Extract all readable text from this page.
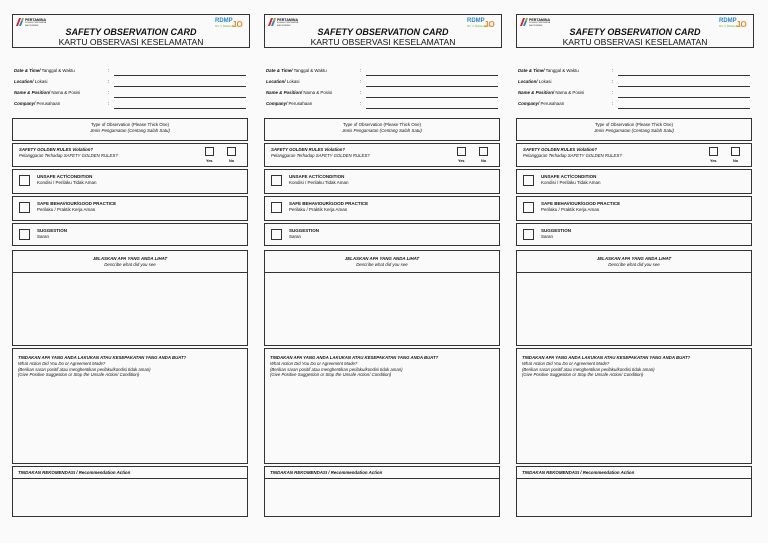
PERTAMINA
KILANG PERTAMINA BALIKPAPAN
RDMP
RU V Balikpapan
JO
SAFETY OBSERVATION CARD
KARTU OBSERVASI KESELAMATAN
Date & Time/ Tanggal & Waktu	:
Location/ Lokasi	:
Name & Position/ Nama & Posisi	:
Company/ Perusahaan	:
Type of Observation (Please Thick One)
Jenis Pengamatan (Centang Salah Satu)
SAFETY GOLDEN RULES Violation?
Pelanggaran Terhadap SAFETY GOLDEN RULES?
Yes	No
UNSAFE ACT/CONDITION
Kondisi / Perilaku Tidak Aman
SAFE BEHAVIOUR/GOOD PRACTICE
Perilaku / Praktik Kerja Aman
SUGGESTION
Saran
JELASKAN APA YANG ANDA LIHAT
Describe what did you see
TINDAKAN APA YANG ANDA LAKUKAN ATAU KESEPAKATAN YANG ANDA BUAT?
What Action Did You Do or Agreement Made?
(Berikan saran positif atau menghentikan perilaku/kondisi tidak aman)
(Give Positive Suggestion or Stop the Unsafe Action/ Condition)
TINDAKAN REKOMENDASI / Recommendation Action
PERTAMINA
KILANG PERTAMINA BALIKPAPAN
RDMP
RU V Balikpapan
JO
SAFETY OBSERVATION CARD
KARTU OBSERVASI KESELAMATAN
Date & Time/ Tanggal & Waktu	:
Location/ Lokasi	:
Name & Position/ Nama & Posisi	:
Company/ Perusahaan	:
Type of Observation (Please Thick One)
Jenis Pengamatan (Centang Salah Satu)
SAFETY GOLDEN RULES Violation?
Pelanggaran Terhadap SAFETY GOLDEN RULES?
Yes	No
UNSAFE ACT/CONDITION
Kondisi / Perilaku Tidak Aman
SAFE BEHAVIOUR/GOOD PRACTICE
Perilaku / Praktik Kerja Aman
SUGGESTION
Saran
JELASKAN APA YANG ANDA LIHAT
Describe what did you see
TINDAKAN APA YANG ANDA LAKUKAN ATAU KESEPAKATAN YANG ANDA BUAT?
What Action Did You Do or Agreement Made?
(Berikan saran positif atau menghentikan perilaku/kondisi tidak aman)
(Give Positive Suggestion or Stop the Unsafe Action/ Condition)
TINDAKAN REKOMENDASI / Recommendation Action
PERTAMINA
KILANG PERTAMINA BALIKPAPAN
RDMP
RU V Balikpapan
JO
SAFETY OBSERVATION CARD
KARTU OBSERVASI KESELAMATAN
Date & Time/ Tanggal & Waktu	:
Location/ Lokasi	:
Name & Position/ Nama & Posisi	:
Company/ Perusahaan	:
Type of Observation (Please Thick One)
Jenis Pengamatan (Centang Salah Satu)
SAFETY GOLDEN RULES Violation?
Pelanggaran Terhadap SAFETY GOLDEN RULES?
Yes	No
UNSAFE ACT/CONDITION
Kondisi / Perilaku Tidak Aman
SAFE BEHAVIOUR/GOOD PRACTICE
Perilaku / Praktik Kerja Aman
SUGGESTION
Saran
JELASKAN APA YANG ANDA LIHAT
Describe what did you see
TINDAKAN APA YANG ANDA LAKUKAN ATAU KESEPAKATAN YANG ANDA BUAT?
What Action Did You Do or Agreement Made?
(Berikan saran positif atau menghentikan perilaku/kondisi tidak aman)
(Give Positive Suggestion or Stop the Unsafe Action/ Condition)
TINDAKAN REKOMENDASI / Recommendation Action
